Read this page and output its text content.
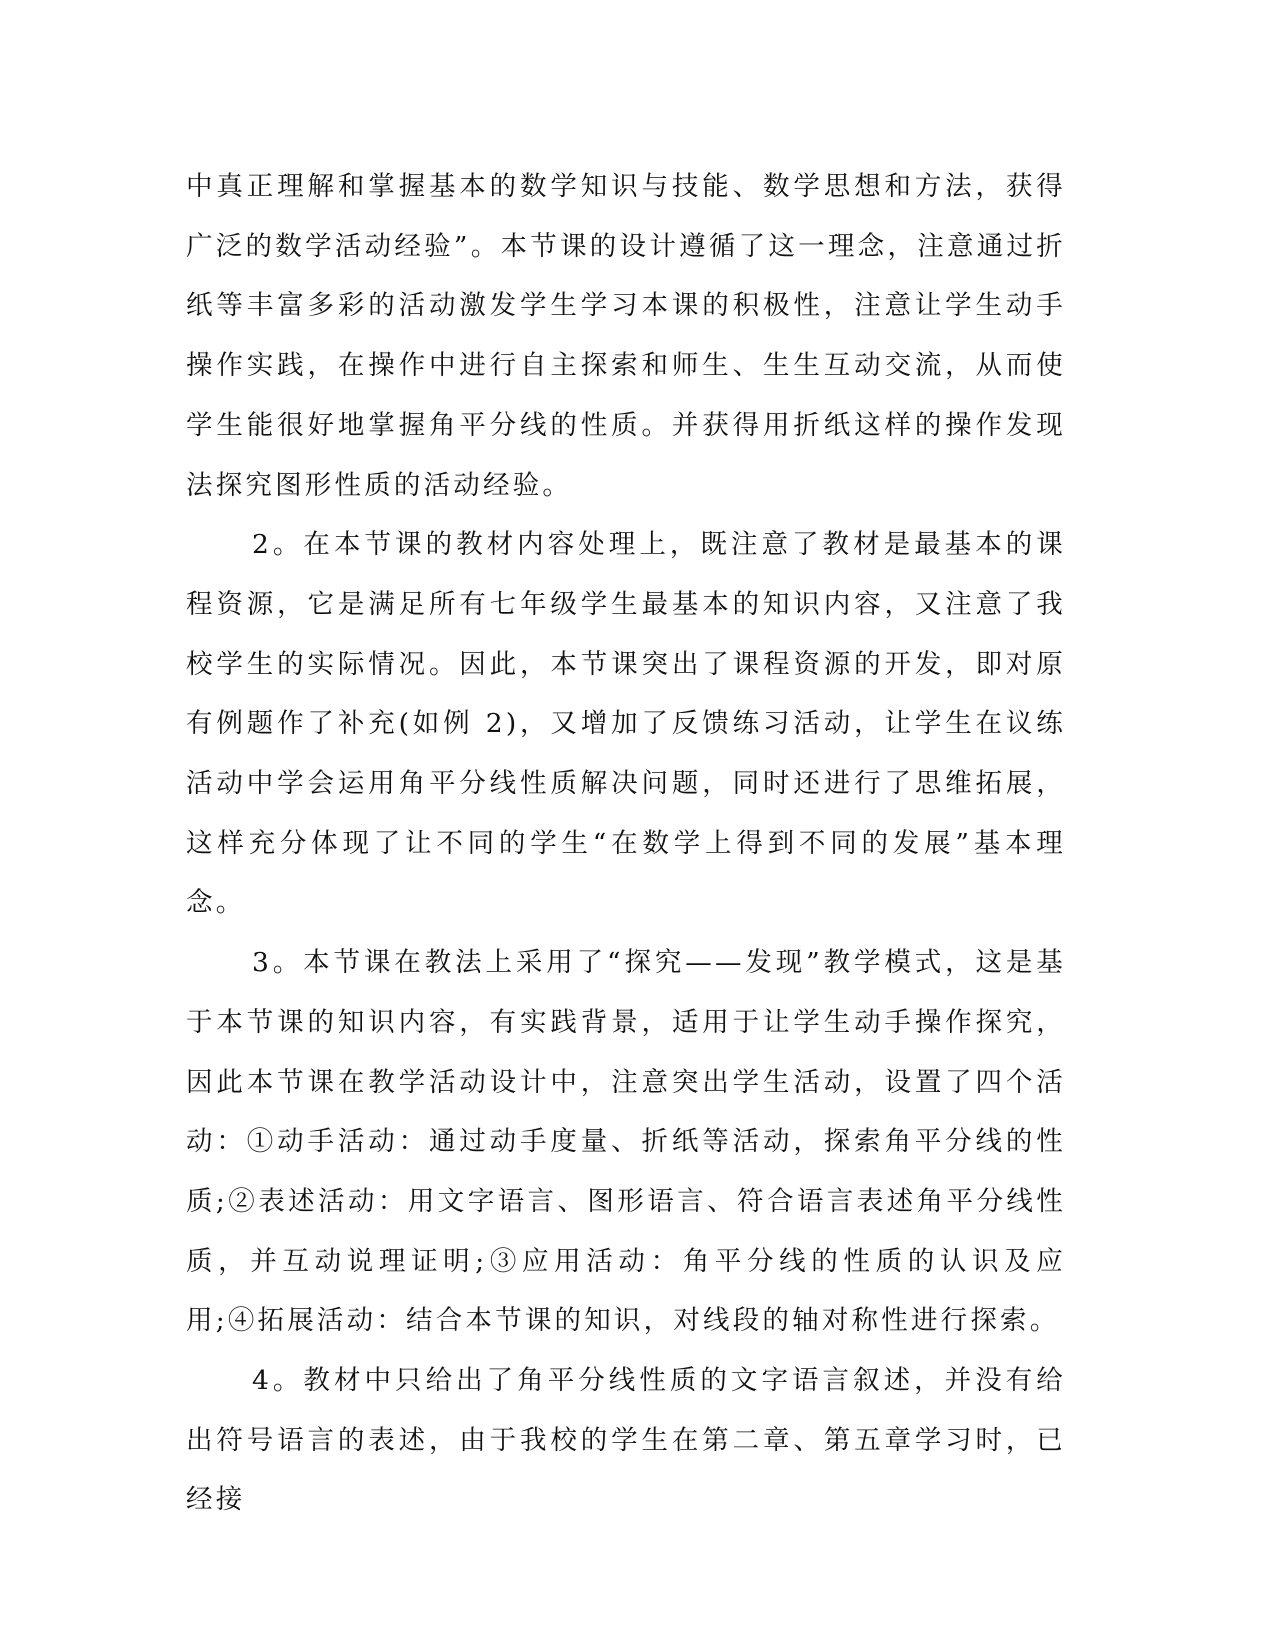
中真正理解和掌握基本的数学知识与技能、数学思想和方法，获得广泛的数学活动经验”。本节课的设计遵循了这一理念，注意通过折纸等丰富多彩的活动激发学生学习本课的积极性，注意让学生动手操作实践，在操作中进行自主探索和师生、生生互动交流，从而使学生能很好地掌握角平分线的性质。并获得用折纸这样的操作发现法探究图形性质的活动经验。

2。在本节课的教材内容处理上，既注意了教材是最基本的课程资源，它是满足所有七年级学生最基本的知识内容，又注意了我校学生的实际情况。因此，本节课突出了课程资源的开发，即对原有例题作了补充(如例 2)，又增加了反馈练习活动，让学生在议练活动中学会运用角平分线性质解决问题，同时还进行了思维拓展，这样充分体现了让不同的学生“在数学上得到不同的发展”基本理念。

3。本节课在教法上采用了“探究——发现”教学模式，这是基于本节课的知识内容，有实践背景，适用于让学生动手操作探究，因此本节课在教学活动设计中，注意突出学生活动，设置了四个活动：①动手活动：通过动手度量、折纸等活动，探索角平分线的性质;②表述活动：用文字语言、图形语言、符合语言表述角平分线性质，并互动说理证明;③应用活动：角平分线的性质的认识及应用;④拓展活动：结合本节课的知识，对线段的轴对称性进行探索。

4。教材中只给出了角平分线性质的文字语言叙述，并没有给出符号语言的表述，由于我校的学生在第二章、第五章学习时，已经接
